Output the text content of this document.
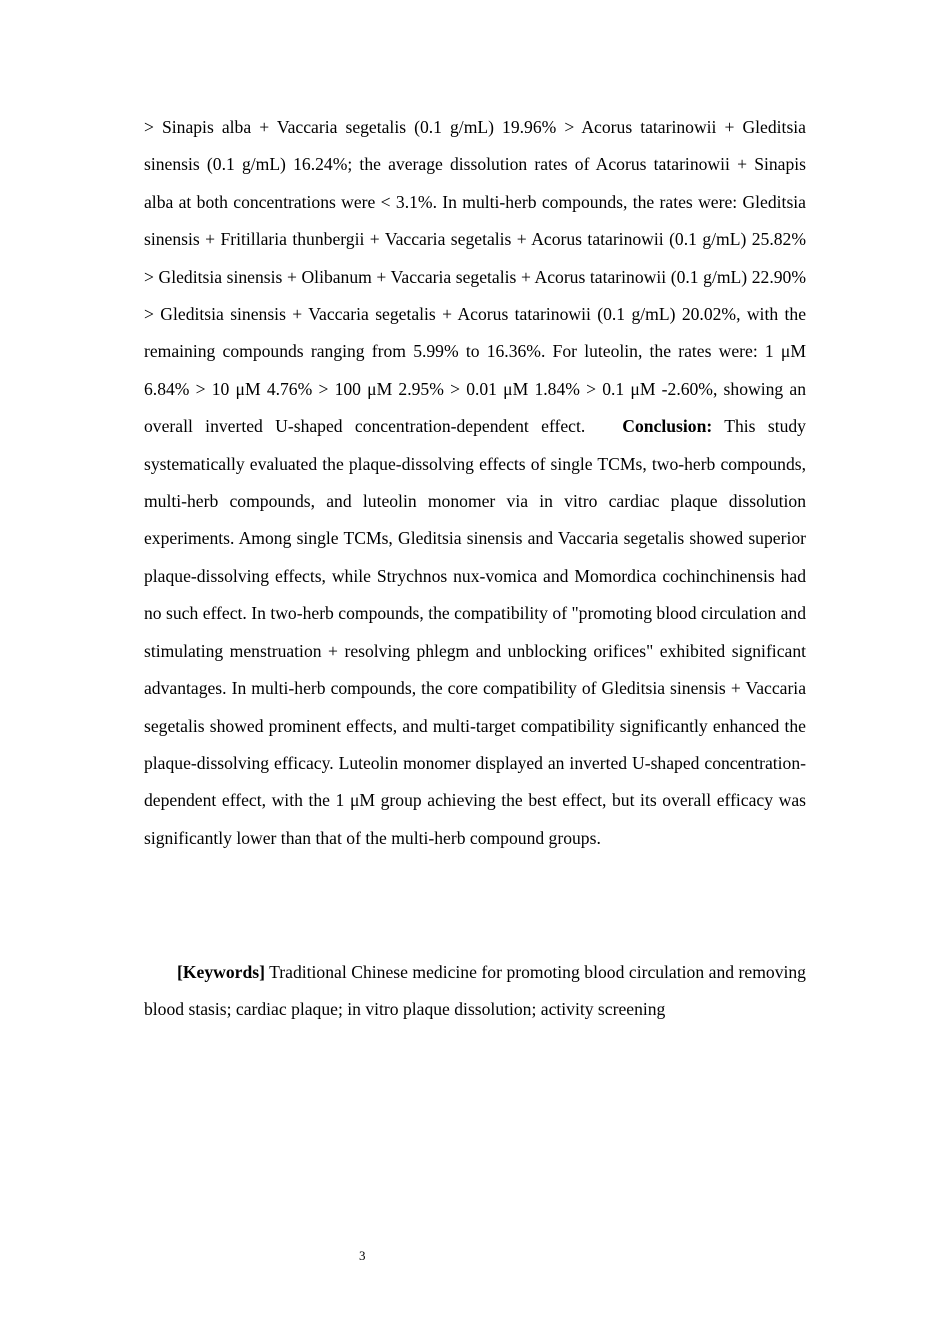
> Sinapis alba + Vaccaria segetalis (0.1 g/mL) 19.96% > Acorus tatarinowii + Gleditsia sinensis (0.1 g/mL) 16.24%; the average dissolution rates of Acorus tatarinowii + Sinapis alba at both concentrations were < 3.1%. In multi-herb compounds, the rates were: Gleditsia sinensis + Fritillaria thunbergii + Vaccaria segetalis + Acorus tatarinowii (0.1 g/mL) 25.82% > Gleditsia sinensis + Olibanum + Vaccaria segetalis + Acorus tatarinowii (0.1 g/mL) 22.90% > Gleditsia sinensis + Vaccaria segetalis + Acorus tatarinowii (0.1 g/mL) 20.02%, with the remaining compounds ranging from 5.99% to 16.36%. For luteolin, the rates were: 1 μM 6.84% > 10 μM 4.76% > 100 μM 2.95% > 0.01 μM 1.84% > 0.1 μM -2.60%, showing an overall inverted U-shaped concentration-dependent effect. Conclusion: This study systematically evaluated the plaque-dissolving effects of single TCMs, two-herb compounds, multi-herb compounds, and luteolin monomer via in vitro cardiac plaque dissolution experiments. Among single TCMs, Gleditsia sinensis and Vaccaria segetalis showed superior plaque-dissolving effects, while Strychnos nux-vomica and Momordica cochinchinensis had no such effect. In two-herb compounds, the compatibility of "promoting blood circulation and stimulating menstruation + resolving phlegm and unblocking orifices" exhibited significant advantages. In multi-herb compounds, the core compatibility of Gleditsia sinensis + Vaccaria segetalis showed prominent effects, and multi-target compatibility significantly enhanced the plaque-dissolving efficacy. Luteolin monomer displayed an inverted U-shaped concentration-dependent effect, with the 1 μM group achieving the best effect, but its overall efficacy was significantly lower than that of the multi-herb compound groups.

[Keywords] Traditional Chinese medicine for promoting blood circulation and removing blood stasis; cardiac plaque; in vitro plaque dissolution; activity screening

3
